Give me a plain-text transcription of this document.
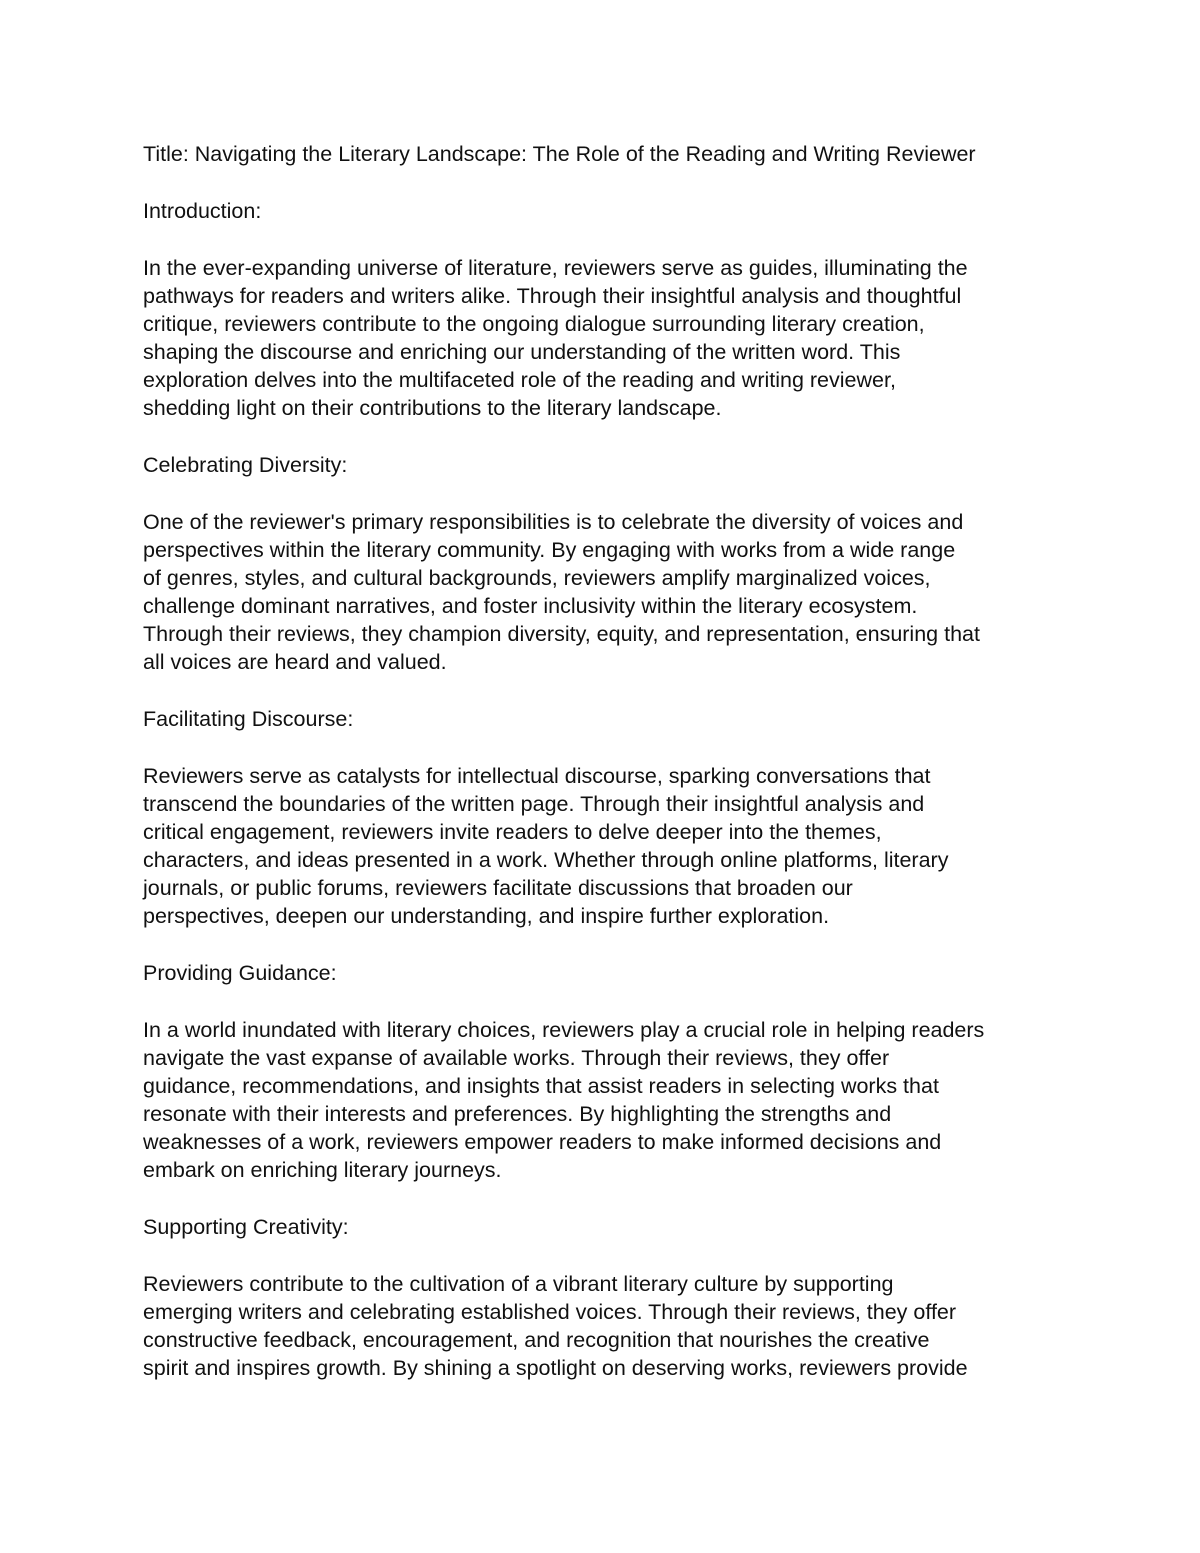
Title: Navigating the Literary Landscape: The Role of the Reading and Writing Reviewer

Introduction:

In the ever-expanding universe of literature, reviewers serve as guides, illuminating the

pathways for readers and writers alike. Through their insightful analysis and thoughtful

critique, reviewers contribute to the ongoing dialogue surrounding literary creation,

shaping the discourse and enriching our understanding of the written word. This

exploration delves into the multifaceted role of the reading and writing reviewer,

shedding light on their contributions to the literary landscape.

Celebrating Diversity:

One of the reviewer's primary responsibilities is to celebrate the diversity of voices and

perspectives within the literary community. By engaging with works from a wide range

of genres, styles, and cultural backgrounds, reviewers amplify marginalized voices,

challenge dominant narratives, and foster inclusivity within the literary ecosystem.

Through their reviews, they champion diversity, equity, and representation, ensuring that

all voices are heard and valued.

Facilitating Discourse:

Reviewers serve as catalysts for intellectual discourse, sparking conversations that

transcend the boundaries of the written page. Through their insightful analysis and

critical engagement, reviewers invite readers to delve deeper into the themes,

characters, and ideas presented in a work. Whether through online platforms, literary

journals, or public forums, reviewers facilitate discussions that broaden our

perspectives, deepen our understanding, and inspire further exploration.

Providing Guidance:

In a world inundated with literary choices, reviewers play a crucial role in helping readers

navigate the vast expanse of available works. Through their reviews, they offer

guidance, recommendations, and insights that assist readers in selecting works that

resonate with their interests and preferences. By highlighting the strengths and

weaknesses of a work, reviewers empower readers to make informed decisions and

embark on enriching literary journeys.

Supporting Creativity:

Reviewers contribute to the cultivation of a vibrant literary culture by supporting

emerging writers and celebrating established voices. Through their reviews, they offer

constructive feedback, encouragement, and recognition that nourishes the creative

spirit and inspires growth. By shining a spotlight on deserving works, reviewers provide
